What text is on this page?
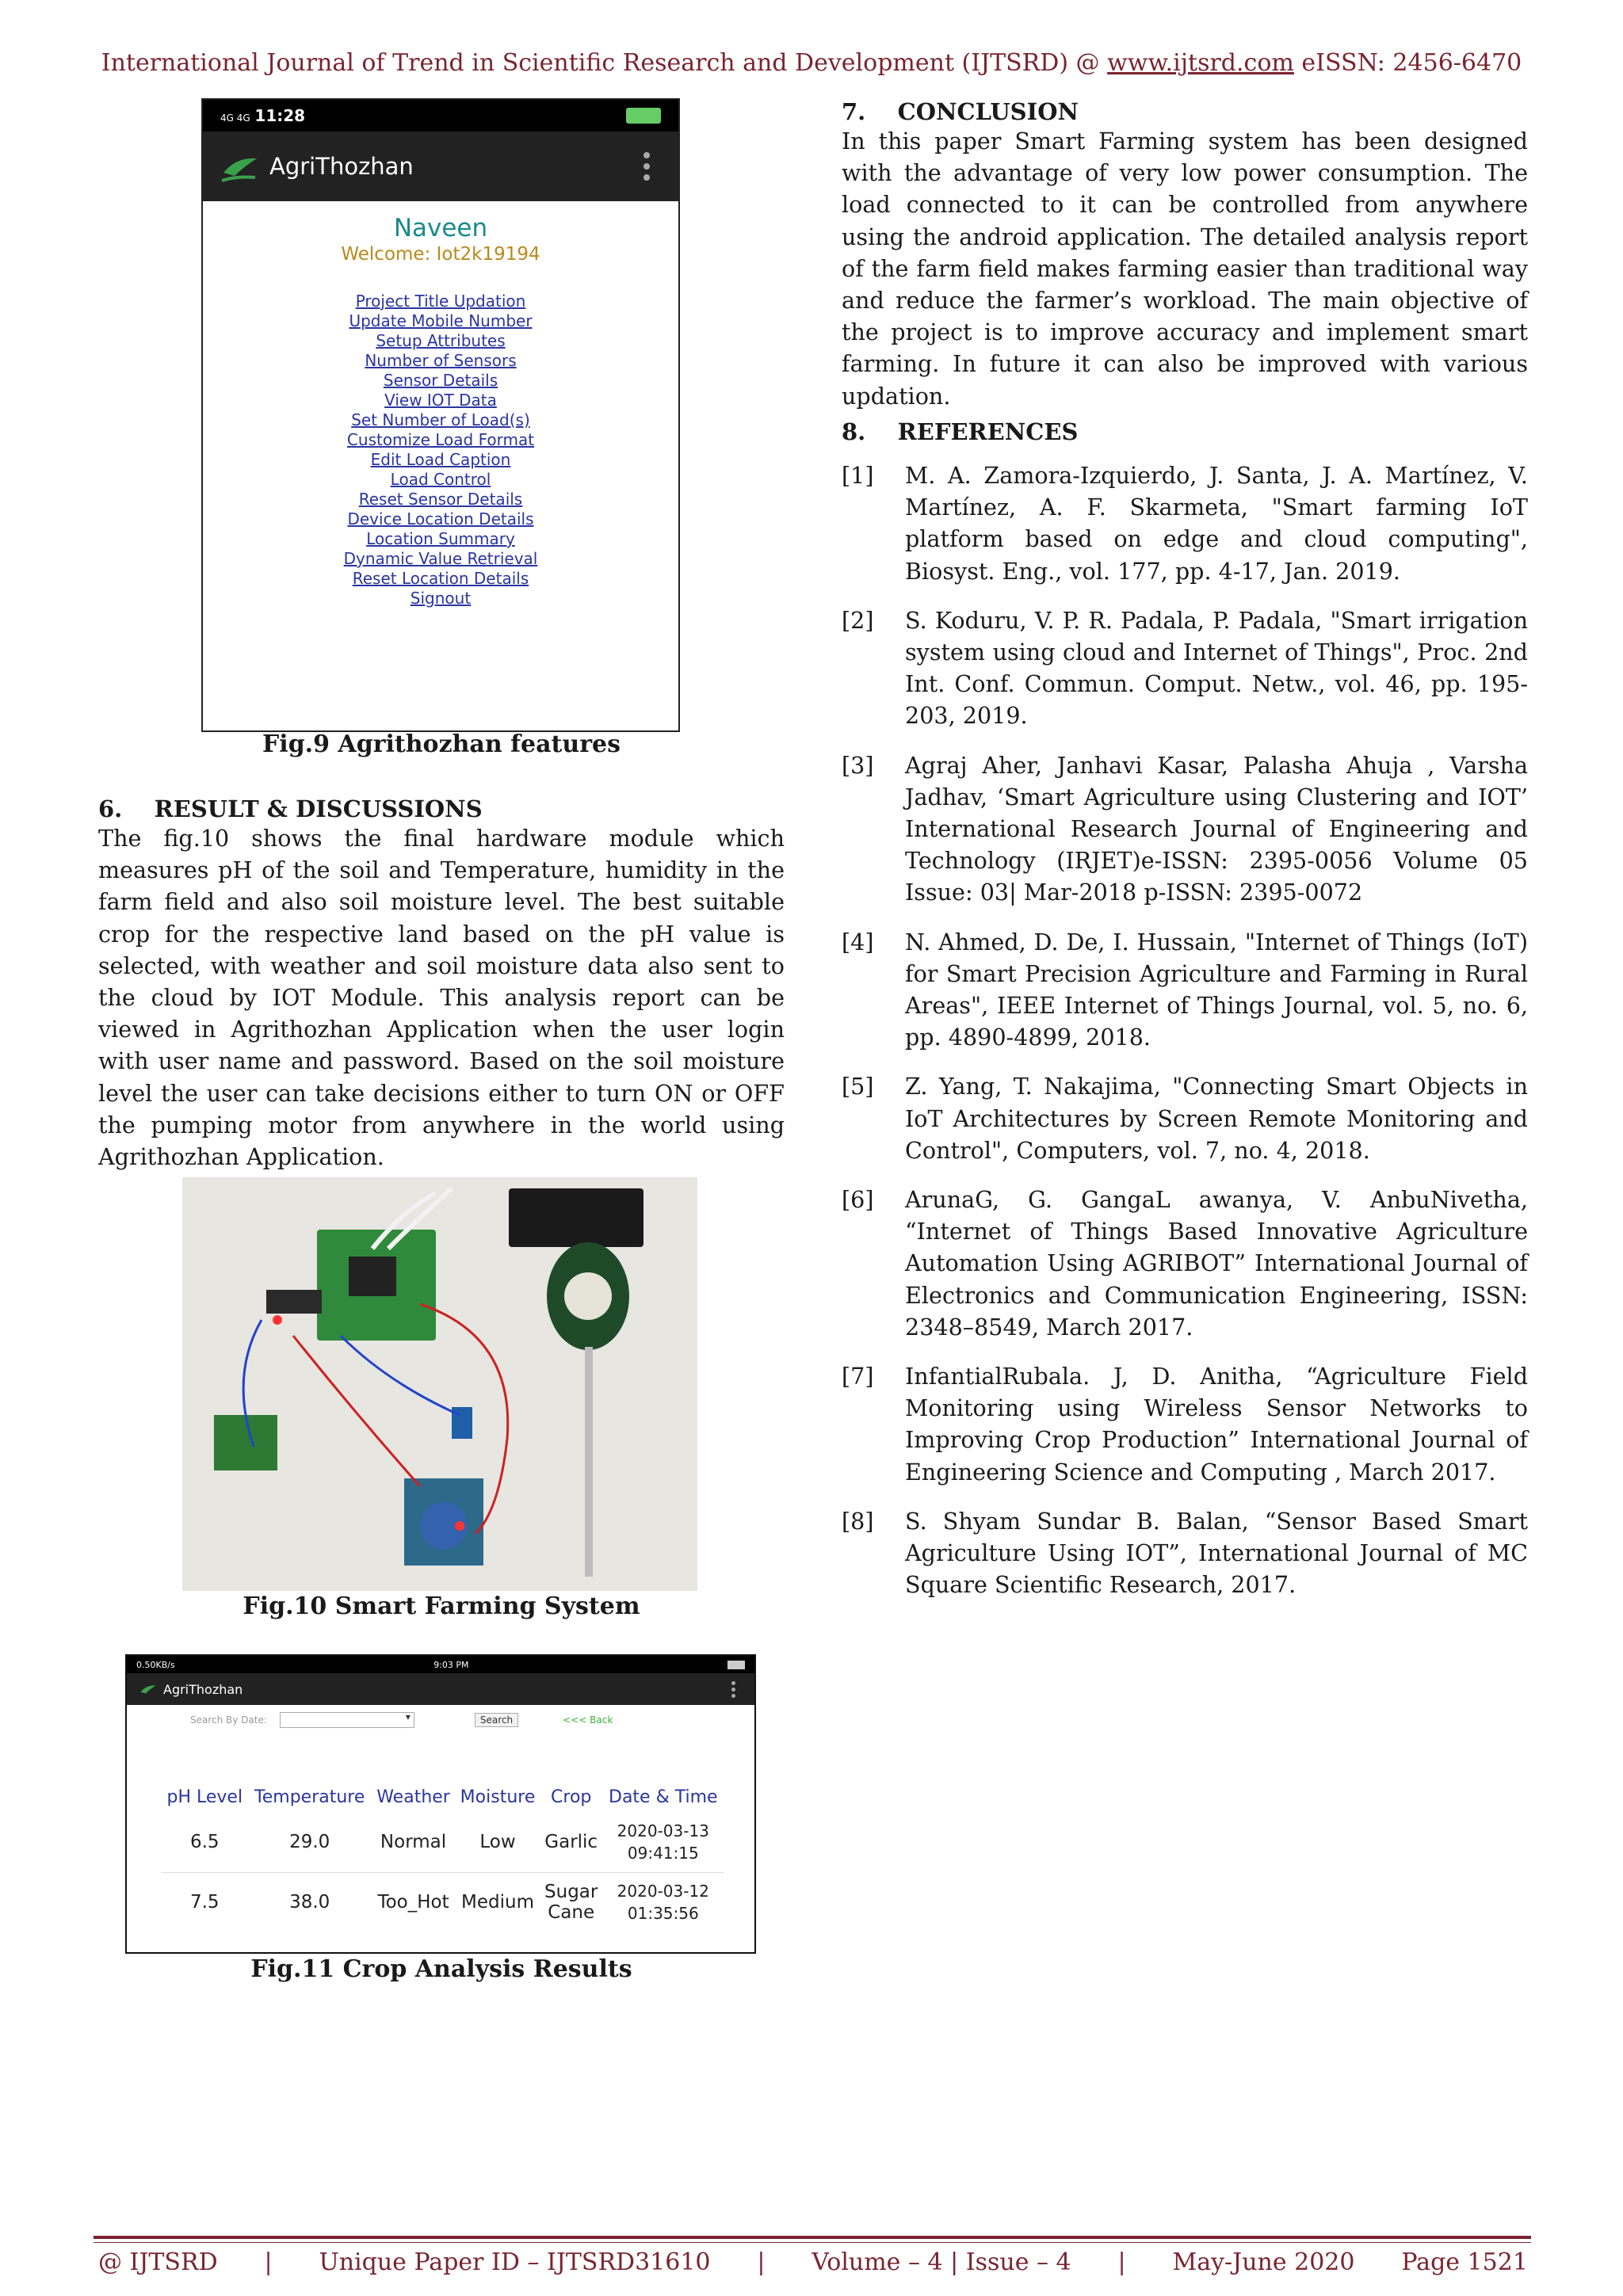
International Journal of Trend in Scientific Research and Development (IJTSRD) @ www.ijtsrd.com eISSN: 2456-6470
4G 4G 11:28
AgriThozhan
Naveen
Welcome: Iot2k19194
Project Title Updation
Update Mobile Number
Setup Attributes
Number of Sensors
Sensor Details
View IOT Data
Set Number of Load(s)
Customize Load Format
Edit Load Caption
Load Control
Reset Sensor Details
Device Location Details
Location Summary
Dynamic Value Retrieval
Reset Location Details
Signout
Fig.9 Agrithozhan features

6.    RESULT & DISCUSSIONS

The fig.10 shows the final hardware module which measures pH of the soil and Temperature, humidity in the farm field and also soil moisture level. The best suitable crop for the respective land based on the pH value is selected, with weather and soil moisture data also sent to the cloud by IOT Module. This analysis report can be viewed in Agrithozhan Application when the user login with user name and password. Based on the soil moisture level the user can take decisions either to turn ON or OFF the pumping motor from anywhere in the world using Agrithozhan Application.
Fig.10 Smart Farming System
0.50KB/s	9:03 PM
AgriThozhan
Search By Date: ▾	Search	<<< Back
pH Level	Temperature	Weather	Moisture	Crop	Date & Time
6.5	29.0	Normal	Low	Garlic	2020-03-13
09:41:15
7.5	38.0	Too_Hot	Medium	Sugar
Cane	2020-03-12
01:35:56
Fig.11 Crop Analysis Results

7.    CONCLUSION

In this paper Smart Farming system has been designed with the advantage of very low power consumption. The load connected to it can be controlled from anywhere using the android application. The detailed analysis report of the farm field makes farming easier than traditional way and reduce the farmer’s workload. The main objective of the project is to improve accuracy and implement smart farming. In future it can also be improved with various updation.

8.    REFERENCES

[1]	M. A. Zamora-Izquierdo, J. Santa, J. A. Martínez, V. Martínez, A. F. Skarmeta, "Smart farming IoT platform based on edge and cloud computing", Biosyst. Eng., vol. 177, pp. 4-17, Jan. 2019.
[2]	S. Koduru, V. P. R. Padala, P. Padala, "Smart irrigation system using cloud and Internet of Things", Proc. 2nd Int. Conf. Commun. Comput. Netw., vol. 46, pp. 195-203, 2019.
[3]	Agraj Aher, Janhavi Kasar, Palasha Ahuja , Varsha Jadhav, ‘Smart Agriculture using Clustering and IOT’ International Research Journal of Engineering and Technology (IRJET)e-ISSN: 2395-0056 Volume 05 Issue: 03| Mar-2018 p-ISSN: 2395-0072
[4]	N. Ahmed, D. De, I. Hussain, "Internet of Things (IoT) for Smart Precision Agriculture and Farming in Rural Areas", IEEE Internet of Things Journal, vol. 5, no. 6, pp. 4890-4899, 2018.
[5]	Z. Yang, T. Nakajima, "Connecting Smart Objects in IoT Architectures by Screen Remote Monitoring and Control", Computers, vol. 7, no. 4, 2018.
[6]	ArunaG, G. GangaL awanya, V. AnbuNivetha, “Internet of Things Based Innovative Agriculture Automation Using AGRIBOT” International Journal of Electronics and Communication Engineering, ISSN: 2348–8549, March 2017.
[7]	InfantialRubala. J, D. Anitha, “Agriculture Field Monitoring using Wireless Sensor Networks to Improving Crop Production” International Journal of Engineering Science and Computing , March 2017.
[8]	S. Shyam Sundar B. Balan, “Sensor Based Smart Agriculture Using IOT”, International Journal of MC Square Scientific Research, 2017.
@ IJTSRD | Unique Paper ID – IJTSRD31610 | Volume – 4 | Issue – 4 | May-June 2020 Page 1521
